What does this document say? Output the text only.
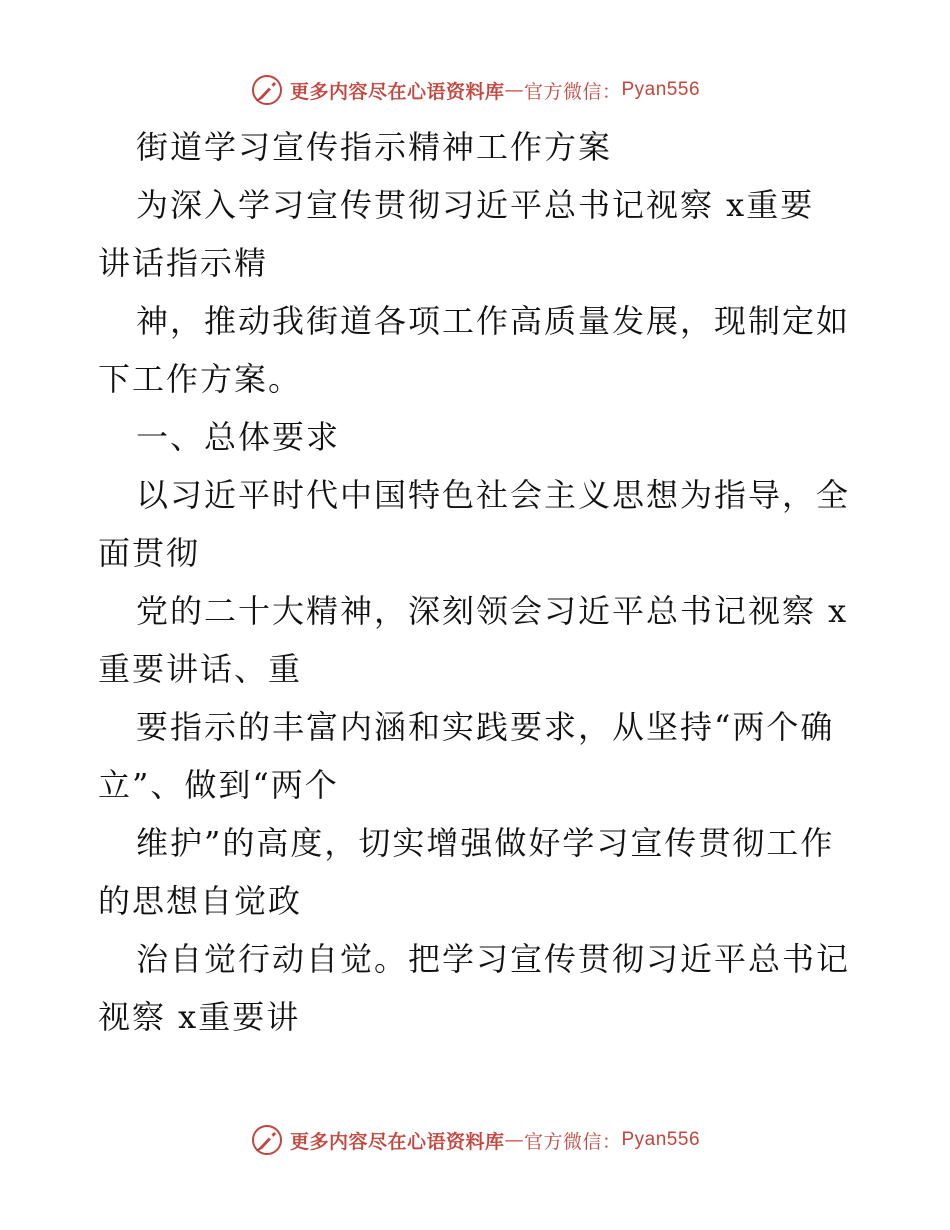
更多内容尽在心语资料库 — 官方微信： Pyan556
街道学习宣传指示精神工作方案
为深入学习宣传贯彻习近平总书记视察 x重要
讲话指示精
神，推动我街道各项工作高质量发展，现制定如
下工作方案。
一、总体要求
以习近平时代中国特色社会主义思想为指导，全
面贯彻
党的二十大精神，深刻领会习近平总书记视察 x
重要讲话、重
要指示的丰富内涵和实践要求，从坚持“两个确
立”、做到“两个
维护”的高度，切实增强做好学习宣传贯彻工作
的思想自觉政
治自觉行动自觉。把学习宣传贯彻习近平总书记
视察 x重要讲
更多内容尽在心语资料库 — 官方微信： Pyan556
